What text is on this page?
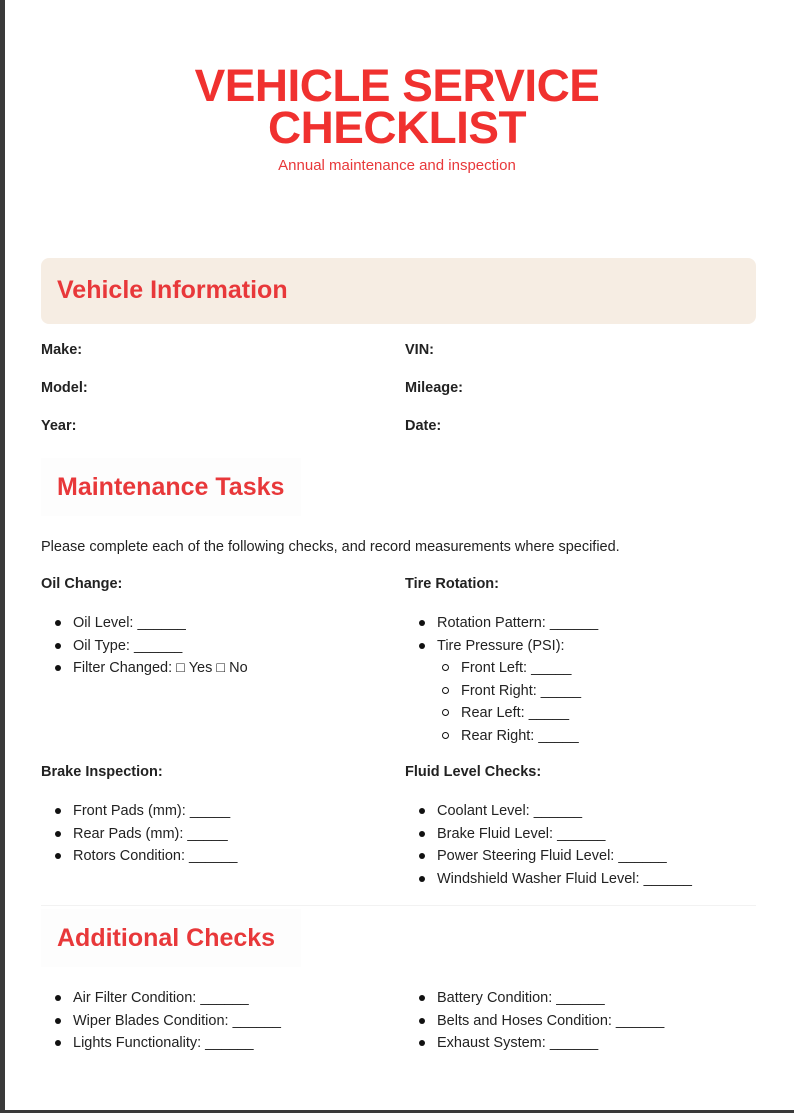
VEHICLE SERVICE
CHECKLIST
Annual maintenance and inspection
Vehicle Information
Make:
Model:
Year:
VIN:
Mileage:
Date:
Maintenance Tasks
Please complete each of the following checks, and record measurements where specified.
Oil Change:
Oil Level: ______
Oil Type: ______
Filter Changed: □ Yes □ No
Tire Rotation:
Rotation Pattern: ______
Tire Pressure (PSI):
Front Left: _____
Front Right: _____
Rear Left: _____
Rear Right: _____
Brake Inspection:
Front Pads (mm): _____
Rear Pads (mm): _____
Rotors Condition: ______
Fluid Level Checks:
Coolant Level: ______
Brake Fluid Level: ______
Power Steering Fluid Level: ______
Windshield Washer Fluid Level: ______
Additional Checks
Air Filter Condition: ______
Wiper Blades Condition: ______
Lights Functionality: ______
Battery Condition: ______
Belts and Hoses Condition: ______
Exhaust System: ______
